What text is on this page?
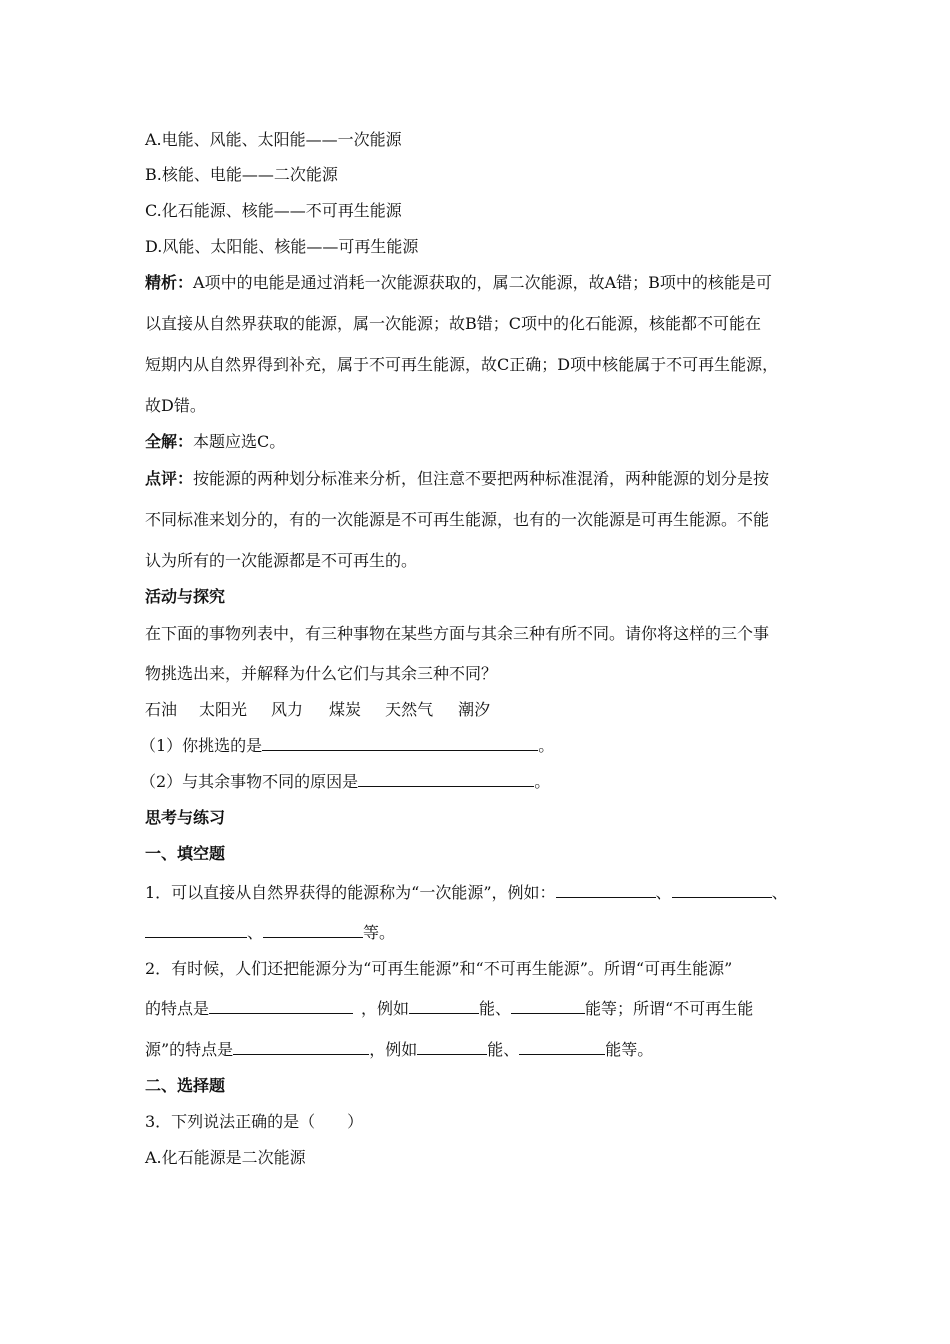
A.电能、风能、太阳能——一次能源
B.核能、电能——二次能源
C.化石能源、核能——不可再生能源
D.风能、太阳能、核能——可再生能源
精析：A项中的电能是通过消耗一次能源获取的，属二次能源，故A错；B项中的核能是可
以直接从自然界获取的能源，属一次能源；故B错；C项中的化石能源，核能都不可能在
短期内从自然界得到补充，属于不可再生能源，故C正确；D项中核能属于不可再生能源，
故D错。
全解：本题应选C。
点评：按能源的两种划分标准来分析，但注意不要把两种标准混淆，两种能源的划分是按
不同标准来划分的，有的一次能源是不可再生能源，也有的一次能源是可再生能源。不能
认为所有的一次能源都是不可再生的。
活动与探究
在下面的事物列表中，有三种事物在某些方面与其余三种有所不同。请你将这样的三个事
物挑选出来，并解释为什么它们与其余三种不同？
石油 太阳光 风力 煤炭 天然气 潮汐
（1）你挑选的是	。
（2）与其余事物不同的原因是	。
思考与练习
一、填空题
1．可以直接从自然界获得的能源称为“一次能源”，例如：	、	、
、	等。
2．有时候，人们还把能源分为“可再生能源”和“不可再生能源”。所谓“可再生能源”
的特点是	，例如	能、	能等；所谓“不可再生能
源”的特点是	，例如	能、	能等。
二、选择题
3．下列说法正确的是（　　）
A.化石能源是二次能源
